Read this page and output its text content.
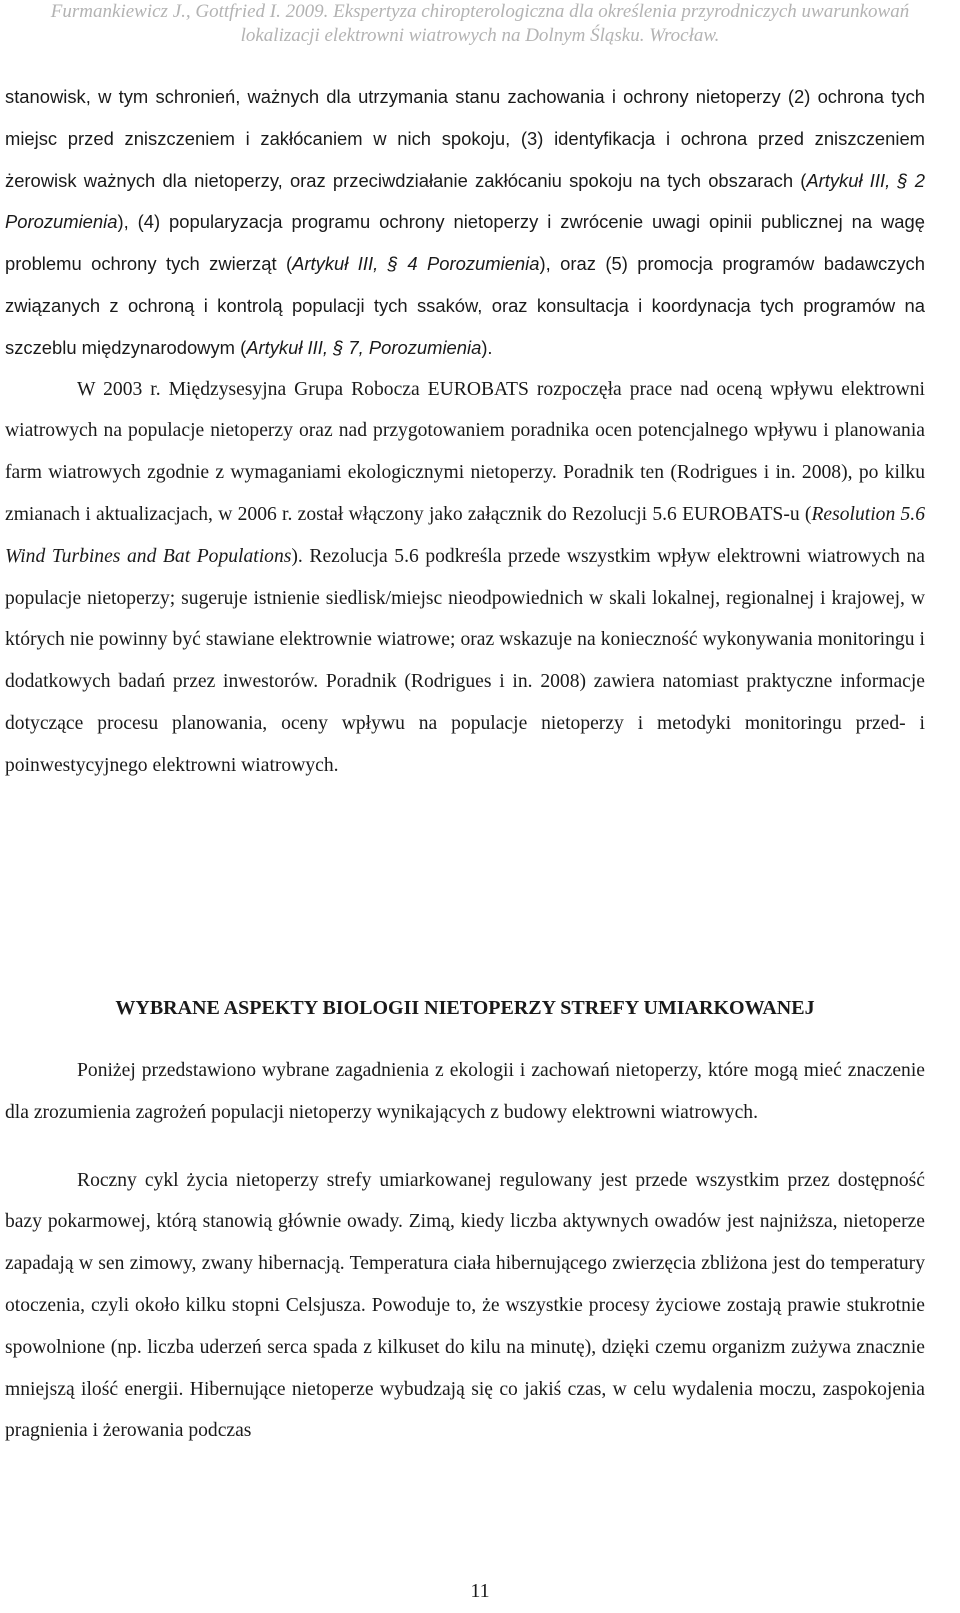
Furmankiewicz J., Gottfried I. 2009. Ekspertyza chiropterologiczna dla określenia przyrodniczych uwarunkowań
lokalizacji elektrowni wiatrowych na Dolnym Śląsku. Wrocław.

stanowisk, w tym schronień, ważnych dla utrzymania stanu zachowania i ochrony nietoperzy (2) ochrona tych miejsc przed zniszczeniem i zakłócaniem w nich spokoju, (3) identyfikacja i ochrona przed zniszczeniem żerowisk ważnych dla nietoperzy, oraz przeciwdziałanie zakłócaniu spokoju na tych obszarach (Artykuł III, § 2 Porozumienia), (4) popularyzacja programu ochrony nietoperzy i zwrócenie uwagi opinii publicznej na wagę problemu ochrony tych zwierząt (Artykuł III, § 4 Porozumienia), oraz (5) promocja programów badawczych związanych z ochroną i kontrolą populacji tych ssaków, oraz konsultacja i koordynacja tych programów na szczeblu międzynarodowym (Artykuł III, § 7, Porozumienia).

W 2003 r. Międzysesyjna Grupa Robocza EUROBATS rozpoczęła prace nad oceną wpływu elektrowni wiatrowych na populacje nietoperzy oraz nad przygotowaniem poradnika ocen potencjalnego wpływu i planowania farm wiatrowych zgodnie z wymaganiami ekologicznymi nietoperzy. Poradnik ten (Rodrigues i in. 2008), po kilku zmianach i aktualizacjach, w 2006 r. został włączony jako załącznik do Rezolucji 5.6 EUROBATS-u (Resolution 5.6 Wind Turbines and Bat Populations). Rezolucja 5.6 podkreśla przede wszystkim wpływ elektrowni wiatrowych na populacje nietoperzy; sugeruje istnienie siedlisk/miejsc nieodpowiednich w skali lokalnej, regionalnej i krajowej, w których nie powinny być stawiane elektrownie wiatrowe; oraz wskazuje na konieczność wykonywania monitoringu i dodatkowych badań przez inwestorów. Poradnik (Rodrigues i in. 2008) zawiera natomiast praktyczne informacje dotyczące procesu planowania, oceny wpływu na populacje nietoperzy i metodyki monitoringu przed- i poinwestycyjnego elektrowni wiatrowych.

WYBRANE ASPEKTY BIOLOGII NIETOPERZY STREFY UMIARKOWANEJ

Poniżej przedstawiono wybrane zagadnienia z ekologii i zachowań nietoperzy, które mogą mieć znaczenie dla zrozumienia zagrożeń populacji nietoperzy wynikających z budowy elektrowni wiatrowych.

Roczny cykl życia nietoperzy strefy umiarkowanej regulowany jest przede wszystkim przez dostępność bazy pokarmowej, którą stanowią głównie owady. Zimą, kiedy liczba aktywnych owadów jest najniższa, nietoperze zapadają w sen zimowy, zwany hibernacją. Temperatura ciała hibernującego zwierzęcia zbliżona jest do temperatury otoczenia, czyli około kilku stopni Celsjusza. Powoduje to, że wszystkie procesy życiowe zostają prawie stukrotnie spowolnione (np. liczba uderzeń serca spada z kilkuset do kilu na minutę), dzięki czemu organizm zużywa znacznie mniejszą ilość energii. Hibernujące nietoperze wybudzają się co jakiś czas, w celu wydalenia moczu, zaspokojenia pragnienia i żerowania podczas

11
